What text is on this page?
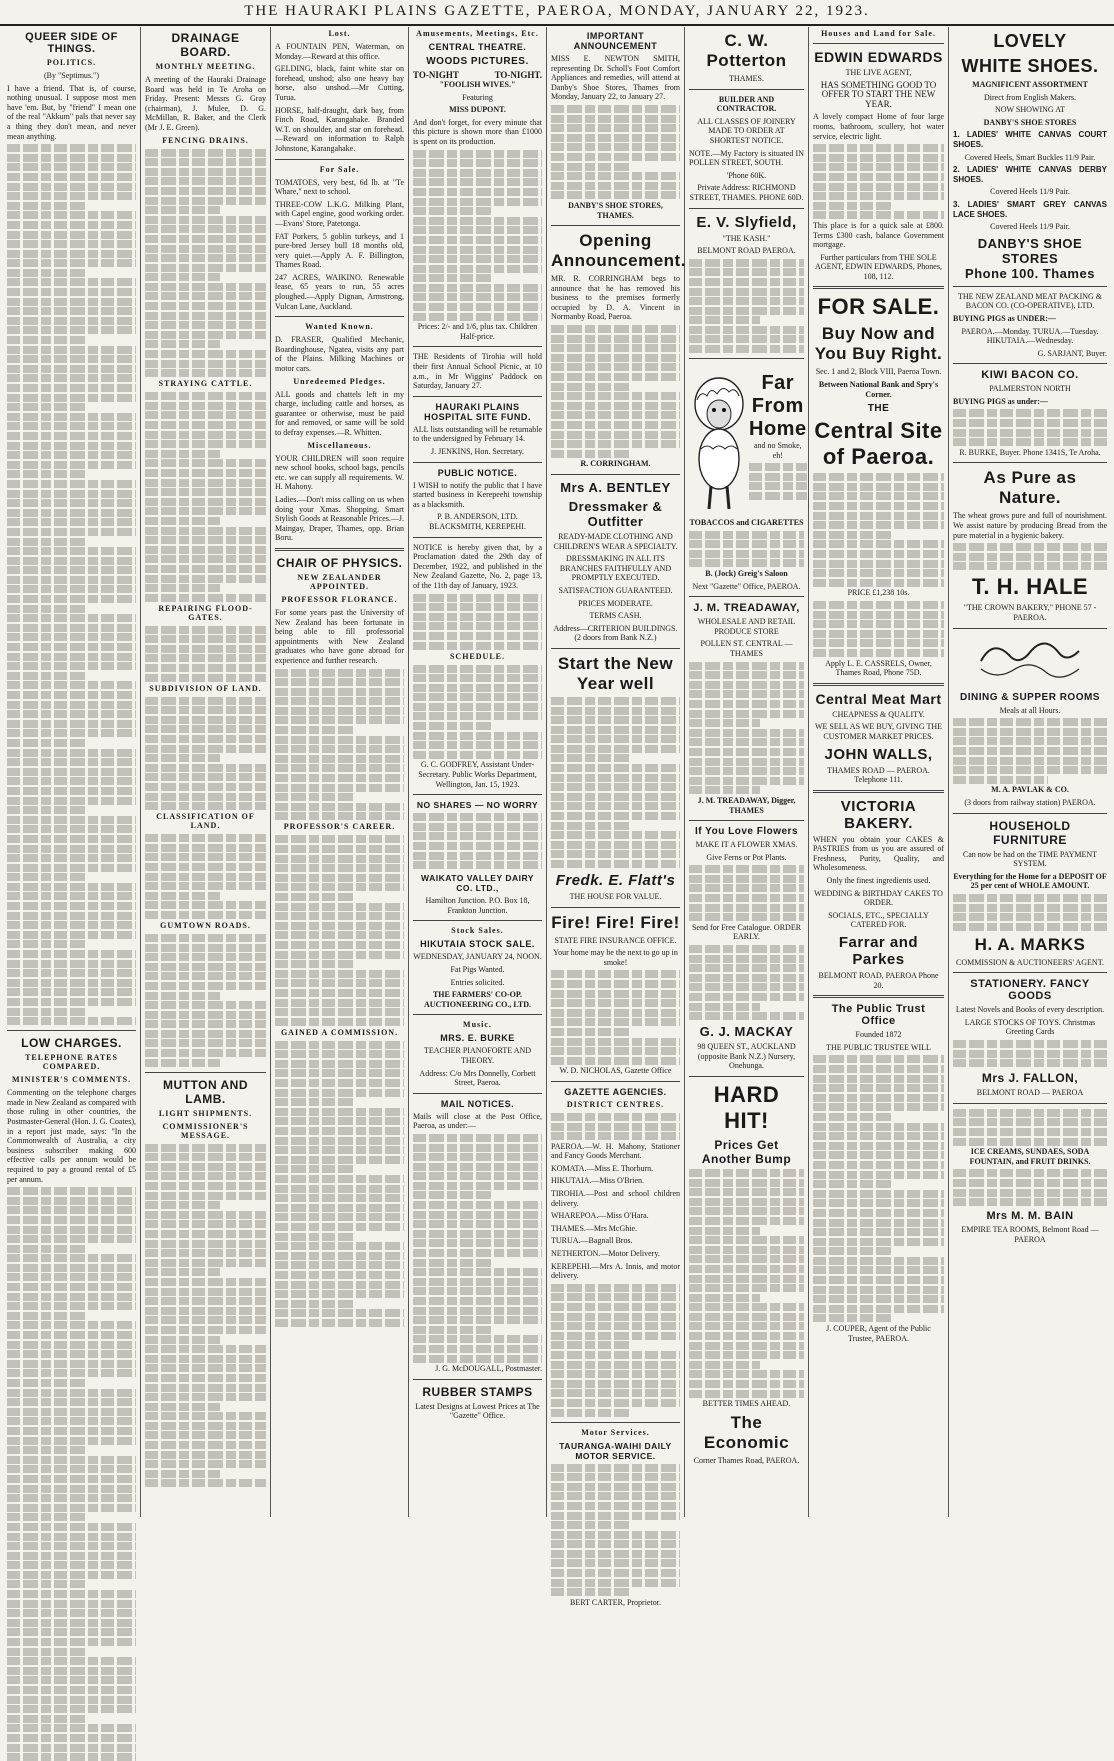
THE HAURAKI PLAINS GAZETTE, PAEROA, MONDAY, JANUARY 22, 1923.
QUEER SIDE OF THINGS.
POLITICS.
(By "Septimus.")

I have a friend. That is, of course, nothing unusual. I suppose most men have 'em. But, by "friend" I mean one of the real "Akkum" pals that never say a thing they don't mean, and never mean anything.

LOW CHARGES.
TELEPHONE RATES COMPARED.
MINISTER'S COMMENTS.

Commenting on the telephone charges made in New Zealand as compared with those ruling in other countries, the Postmaster-General (Hon. J. G. Coates), in a report just made, says: "In the Commonwealth of Australia, a city business subscriber making 600 effective calls per annum would be required to pay a ground rental of £5 per annum.

DRAINAGE BOARD.
MONTHLY MEETING.

A meeting of the Hauraki Drainage Board was held in Te Aroha on Friday. Present: Messrs G. Gray (chairman), J. Mulee, D. G. McMillan, R. Baker, and the Clerk (Mr J. E. Green).

FENCING DRAINS.
STRAYING CATTLE.
REPAIRING FLOOD-GATES.
SUBDIVISION OF LAND.
CLASSIFICATION OF LAND.
GUMTOWN ROADS.
MUTTON AND LAMB.
LIGHT SHIPMENTS.
COMMISSIONER'S MESSAGE.
Lost.

A FOUNTAIN PEN, Waterman, on Monday.—Reward at this office.

GELDING, black, faint white star on forehead, unshod; also one heavy bay horse, also unshod.—Mr Cutting, Turua.

HORSE, half-draught, dark bay, from Finch Road, Karangahake. Branded W.T. on shoulder, and star on forehead.—Reward on information to Ralph Johnstone, Karangahake.

For Sale.

TOMATOES, very best, 6d lb. at "Te Whare," next to school.

THREE-COW L.K.G. Milking Plant, with Capel engine, good working order.—Evans' Store, Patetonga.

FAT Porkers, 5 goblin turkeys, and 1 pure-bred Jersey bull 18 months old, very quiet.—Apply A. F. Billington, Thames Road.

247 ACRES, WAIKINO. Renewable lease, 65 years to run, 55 acres ploughed.—Apply Dignan, Armstrong, Vulcan Lane, Auckland.

Wanted Known.

D. FRASER, Qualified Mechanic, Boardinghouse, Ngatea, visits any part of the Plains. Milking Machines or motor cars.

Unredeemed Pledges.

ALL goods and chattels left in my charge, including cattle and horses, as guarantee or otherwise, must be paid for and removed, or same will be sold to defray expenses.—R. Whitten.

Miscellaneous.

YOUR CHILDREN will soon require new school books, school bags, pencils etc. we can supply all requirements. W. H. Mahony.

Ladies.—Don't miss calling on us when doing your Xmas. Shopping. Smart Stylish Goods at Reasonable Prices.—J. Maingay, Draper, Thames, opp. Brian Boru.

CHAIR OF PHYSICS.
NEW ZEALANDER APPOINTED.
PROFESSOR FLORANCE.

For some years past the University of New Zealand has been fortunate in being able to fill professorial appointments with New Zealand graduates who have gone abroad for experience and further research.

PROFESSOR'S CAREER.
GAINED A COMMISSION.
Amusements, Meetings, Etc.
CENTRAL THEATRE.
WOODS PICTURES.
TO-NIGHT	TO-NIGHT.
"FOOLISH WIVES."
Featuring
MISS DUPONT.

And don't forget, for every minute that this picture is shown more than £1000 is spent on its production.

Prices: 2/- and 1/6, plus tax. Children Half-price.

THE Residents of Tirohia will hold their first Annual School Picnic, at 10 a.m., in Mr Wiggins' Paddock on Saturday, January 27.

HAURAKI PLAINS HOSPITAL SITE FUND.

ALL lists outstanding will be returnable to the undersigned by February 14.

J. JENKINS, Hon. Secretary.

PUBLIC NOTICE.

I WISH to notify the public that I have started business in Kerepeehi township as a blacksmith.

P. B. ANDERSON, LTD. BLACKSMITH, KEREPEHI.

NOTICE is hereby given that, by a Proclamation dated the 29th day of December, 1922, and published in the New Zealand Gazette, No. 2, page 13, of the 11th day of January, 1923.

SCHEDULE.

G. C. GODFREY, Assistant Under-Secretary. Public Works Department, Wellington, Jan. 15, 1923.

NO SHARES — NO WORRY
WAIKATO VALLEY DAIRY CO. LTD.,
Hamilton Junction. P.O. Box 18, Frankton Junction.
Stock Sales.
HIKUTAIA STOCK SALE.
WEDNESDAY, JANUARY 24, NOON.
Fat Pigs Wanted.
Entries solicited.
THE FARMERS' CO-OP. AUCTIONEERING CO., LTD.
Music.
MRS. E. BURKE
TEACHER PIANOFORTE AND THEORY.
Address: C/o Mrs Donnelly, Corbett Street, Paeroa.
MAIL NOTICES.

Mails will close at the Post Office, Paeroa, as under:—

J. G. McDOUGALL, Postmaster.

RUBBER STAMPS
Latest Designs at Lowest Prices at The "Gazette" Office.
IMPORTANT ANNOUNCEMENT

MISS E. NEWTON SMITH, representing Dr. Scholl's Foot Comfort Appliances and remedies, will attend at Danby's Shoe Stores, Thames from Monday, January 22, to January 27.

DANBY'S SHOE STORES, THAMES.
Opening Announcement.

MR. R. CORRINGHAM begs to announce that he has removed his business to the premises formerly occupied by D. A. Vincent in Normanby Road, Paeroa.

R. CORRINGHAM.
Mrs A. BENTLEY
Dressmaker & Outfitter
READY-MADE CLOTHING AND CHILDREN'S WEAR A SPECIALTY.
DRESSMAKING IN ALL ITS BRANCHES FAITHFULLY AND PROMPTLY EXECUTED.
SATISFACTION GUARANTEED.
PRICES MODERATE.
TERMS CASH.
Address—CRITERION BUILDINGS. (2 doors from Bank N.Z.)
Start the New Year well
Fredk. E. Flatt's
THE HOUSE FOR VALUE.
Fire! Fire! Fire!
STATE FIRE INSURANCE OFFICE.
Your home may be the next to go up in smoke!
W. D. NICHOLAS, Gazette Office
GAZETTE AGENCIES.
DISTRICT CENTRES.

PAEROA.—W. H. Mahony, Stationer and Fancy Goods Merchant.

KOMATA.—Miss E. Thorburn.

HIKUTAIA.—Miss O'Brien.

TIROHIA.—Post and school children delivery.

WHAREPOA.—Miss O'Hara.

THAMES.—Mrs McGhie.

TURUA.—Bagnall Bros.

NETHERTON.—Motor Delivery.

KEREPEHI.—Mrs A. Innis, and motor delivery.

Motor Services.
TAURANGA-WAIHI DAILY MOTOR SERVICE.
BERT CARTER, Proprietor.
C. W. Potterton
THAMES.
BUILDER AND CONTRACTOR.
ALL CLASSES OF JOINERY MADE TO ORDER AT SHORTEST NOTICE.
NOTE.—My Factory is situated IN POLLEN STREET, SOUTH.
'Phone 60K.
Private Address: RICHMOND STREET, THAMES. PHONE 60D.
E. V. Slyfield,
"THE KASH."
BELMONT ROAD PAEROA.
Far
From
Home
and no Smoke, eh!
TOBACCOS and CIGARETTES
B. (Jock) Greig's Saloon
Next "Gazette" Office, PAEROA.
J. M. TREADAWAY,
WHOLESALE AND RETAIL PRODUCE STORE
POLLEN ST. CENTRAL — THAMES
J. M. TREADAWAY, Digger, THAMES
If You Love Flowers
MAKE IT A FLOWER XMAS.
Give Ferns or Pot Plants.
Send for Free Catalogue. ORDER EARLY.
G. J. MACKAY
98 QUEEN ST., AUCKLAND (opposite Bank N.Z.) Nursery, Onehunga.
HARD HIT!
Prices Get Another Bump
BETTER TIMES AHEAD.
The Economic
Corner Thames Road, PAEROA.
Houses and Land for Sale.
EDWIN EDWARDS
THE LIVE AGENT,
HAS SOMETHING GOOD TO OFFER TO START THE NEW YEAR.

A lovely compact Home of four large rooms, bathroom, scullery, hot water service, electric light.

This place is for a quick sale at £800. Terms £300 cash, balance Government mortgage.

Further particulars from THE SOLE AGENT, EDWIN EDWARDS, Phones, 108, 112.
FOR SALE.
Buy Now and You Buy Right.
Sec. 1 and 2, Block VIII, Paeroa Town.
Between National Bank and Spry's Corner.
THE
Central Site of Paeroa.
PRICE £1,238 10s.
Apply L. E. CASSRELS, Owner, Thames Road, Phone 75D.
Central Meat Mart
CHEAPNESS & QUALITY.
WE SELL AS WE BUY, GIVING THE CUSTOMER MARKET PRICES.
JOHN WALLS,
THAMES ROAD — PAEROA. Telephone 111.
VICTORIA BAKERY.

WHEN you obtain your CAKES & PASTRIES from us you are assured of Freshness, Purity, Quality, and Wholesomeness.

Only the finest ingredients used.
WEDDING & BIRTHDAY CAKES TO ORDER.
SOCIALS, ETC., SPECIALLY CATERED FOR.
Farrar and Parkes
BELMONT ROAD, PAEROA Phone 20.
The Public Trust Office
Founded 1872
THE PUBLIC TRUSTEE WILL
J. COUPER, Agent of the Public Trustee, PAEROA.
LOVELY
WHITE SHOES.
MAGNIFICENT ASSORTMENT
Direct from English Makers.
NOW SHOWING AT
DANBY'S SHOE STORES
1. LADIES' WHITE CANVAS COURT SHOES.
Covered Heels, Smart Buckles 11/9 Pair.
2. LADIES' WHITE CANVAS DERBY SHOES.
Covered Heels 11/9 Pair.
3. LADIES' SMART GREY CANVAS LACE SHOES.
Covered Heels 11/9 Pair.
DANBY'S SHOE STORES
Phone 100. Thames
THE NEW ZEALAND MEAT PACKING & BACON CO. (CO-OPERATIVE), LTD.
BUYING PIGS as UNDER:—
PAEROA.—Monday. TURUA.—Tuesday. HIKUTAIA.—Wednesday.
G. SARJANT, Buyer.
KIWI BACON CO.
PALMERSTON NORTH
BUYING PIGS as under:—
R. BURKE, Buyer. Phone 1341S, Te Aroha.
As Pure as Nature.

The wheat grows pure and full of nourishment. We assist nature by producing Bread from the pure material in a hygienic bakery.

T. H. HALE
"THE CROWN BAKERY," PHONE 57 - PAEROA.
DINING & SUPPER ROOMS
Meals at all Hours.
M. A. PAVLAK & CO.
(3 doors from railway station) PAEROA.
HOUSEHOLD FURNITURE
Can now be had on the TIME PAYMENT SYSTEM.
Everything for the Home for a DEPOSIT OF 25 per cent of WHOLE AMOUNT.
H. A. MARKS
COMMISSION & AUCTIONEERS' AGENT.
STATIONERY. FANCY GOODS
Latest Novels and Books of every description.
LARGE STOCKS OF TOYS. Christmas Greeting Cards
Mrs J. FALLON,
BELMONT ROAD — PAEROA
ICE CREAMS, SUNDAES, SODA FOUNTAIN, and FRUIT DRINKS.
Mrs M. M. BAIN
EMPIRE TEA ROOMS, Belmont Road — PAEROA
